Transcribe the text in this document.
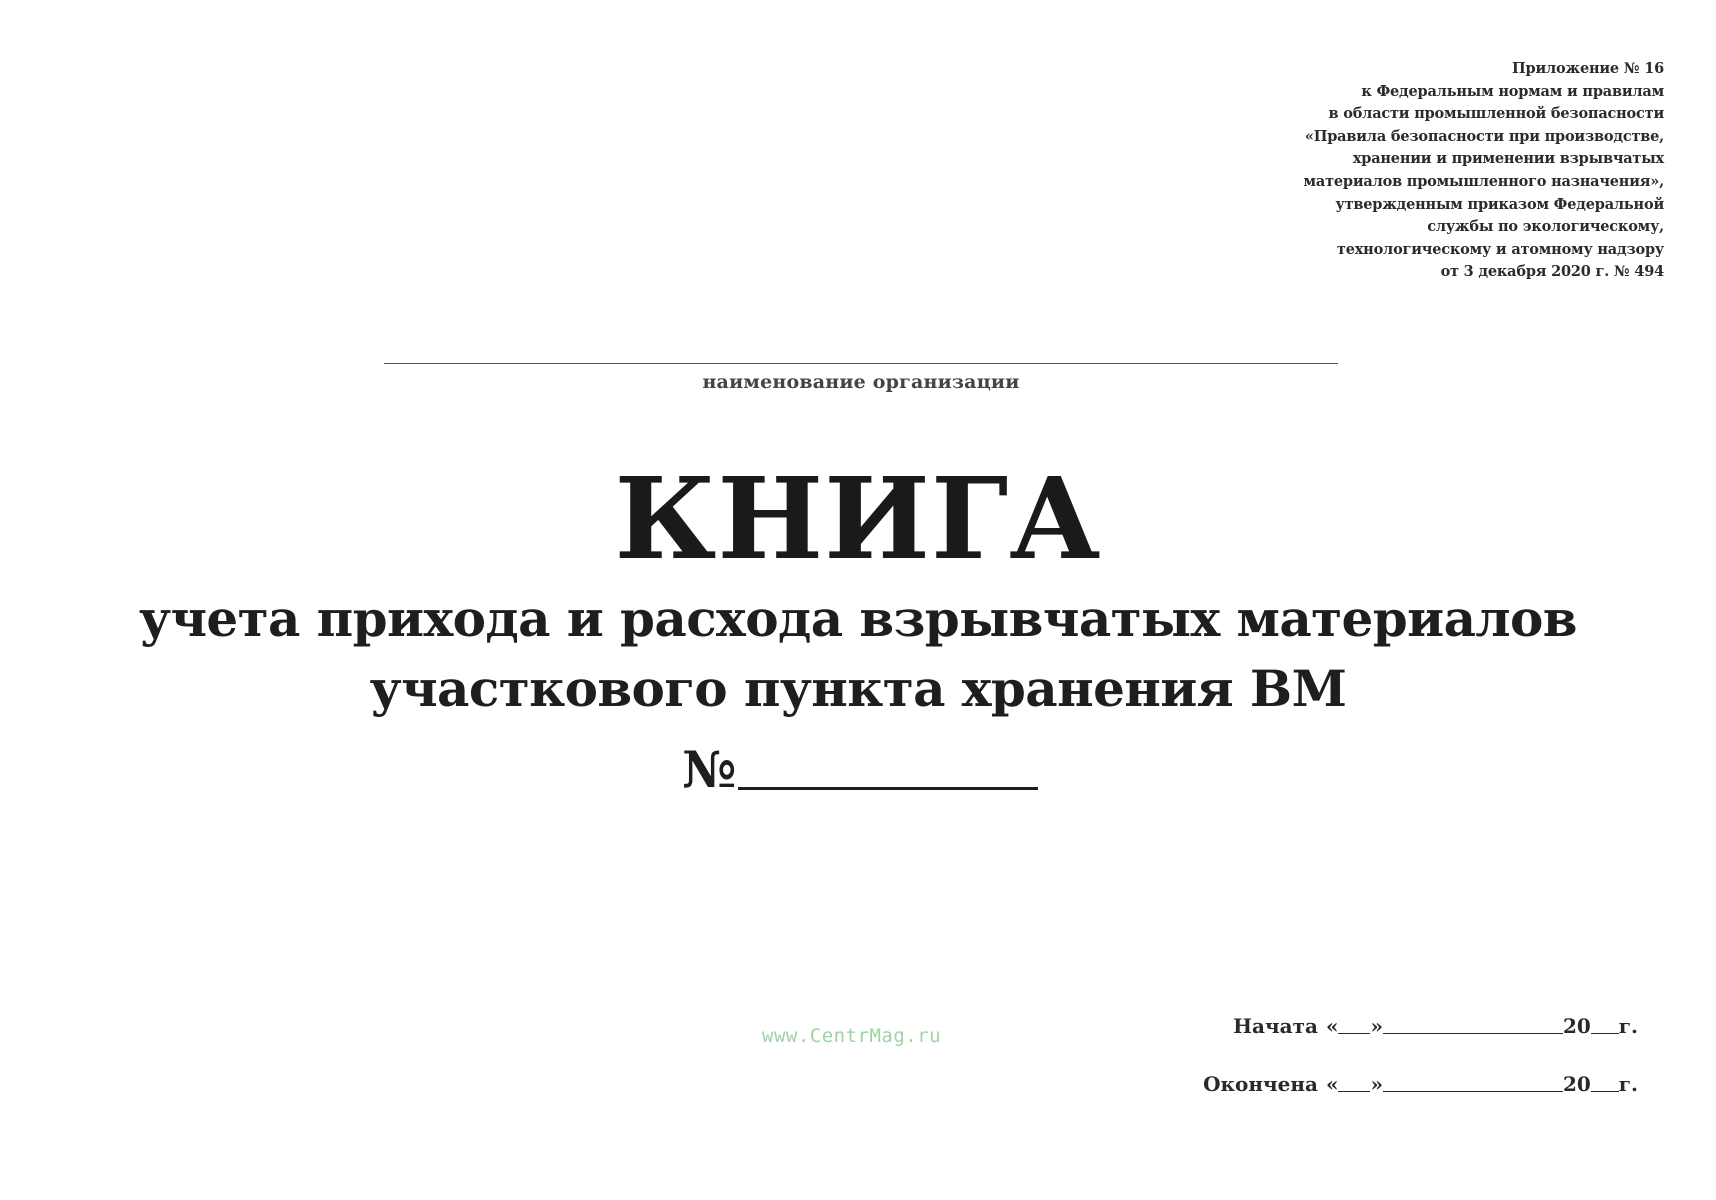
Приложение № 16
к Федеральным нормам и правилам
в области промышленной безопасности
«Правила безопасности при производстве,
хранении и применении взрывчатых
материалов промышленного назначения»,
утвержденным приказом Федеральной
службы по экологическому,
технологическому и атомному надзору
от 3 декабря 2020 г. № 494
наименование организации
КНИГА
учета прихода и расхода взрывчатых материалов
участкового пункта хранения ВМ
№
www.CentrMag.ru	Начата « »	20 г.
Окончена « »	20 г.
